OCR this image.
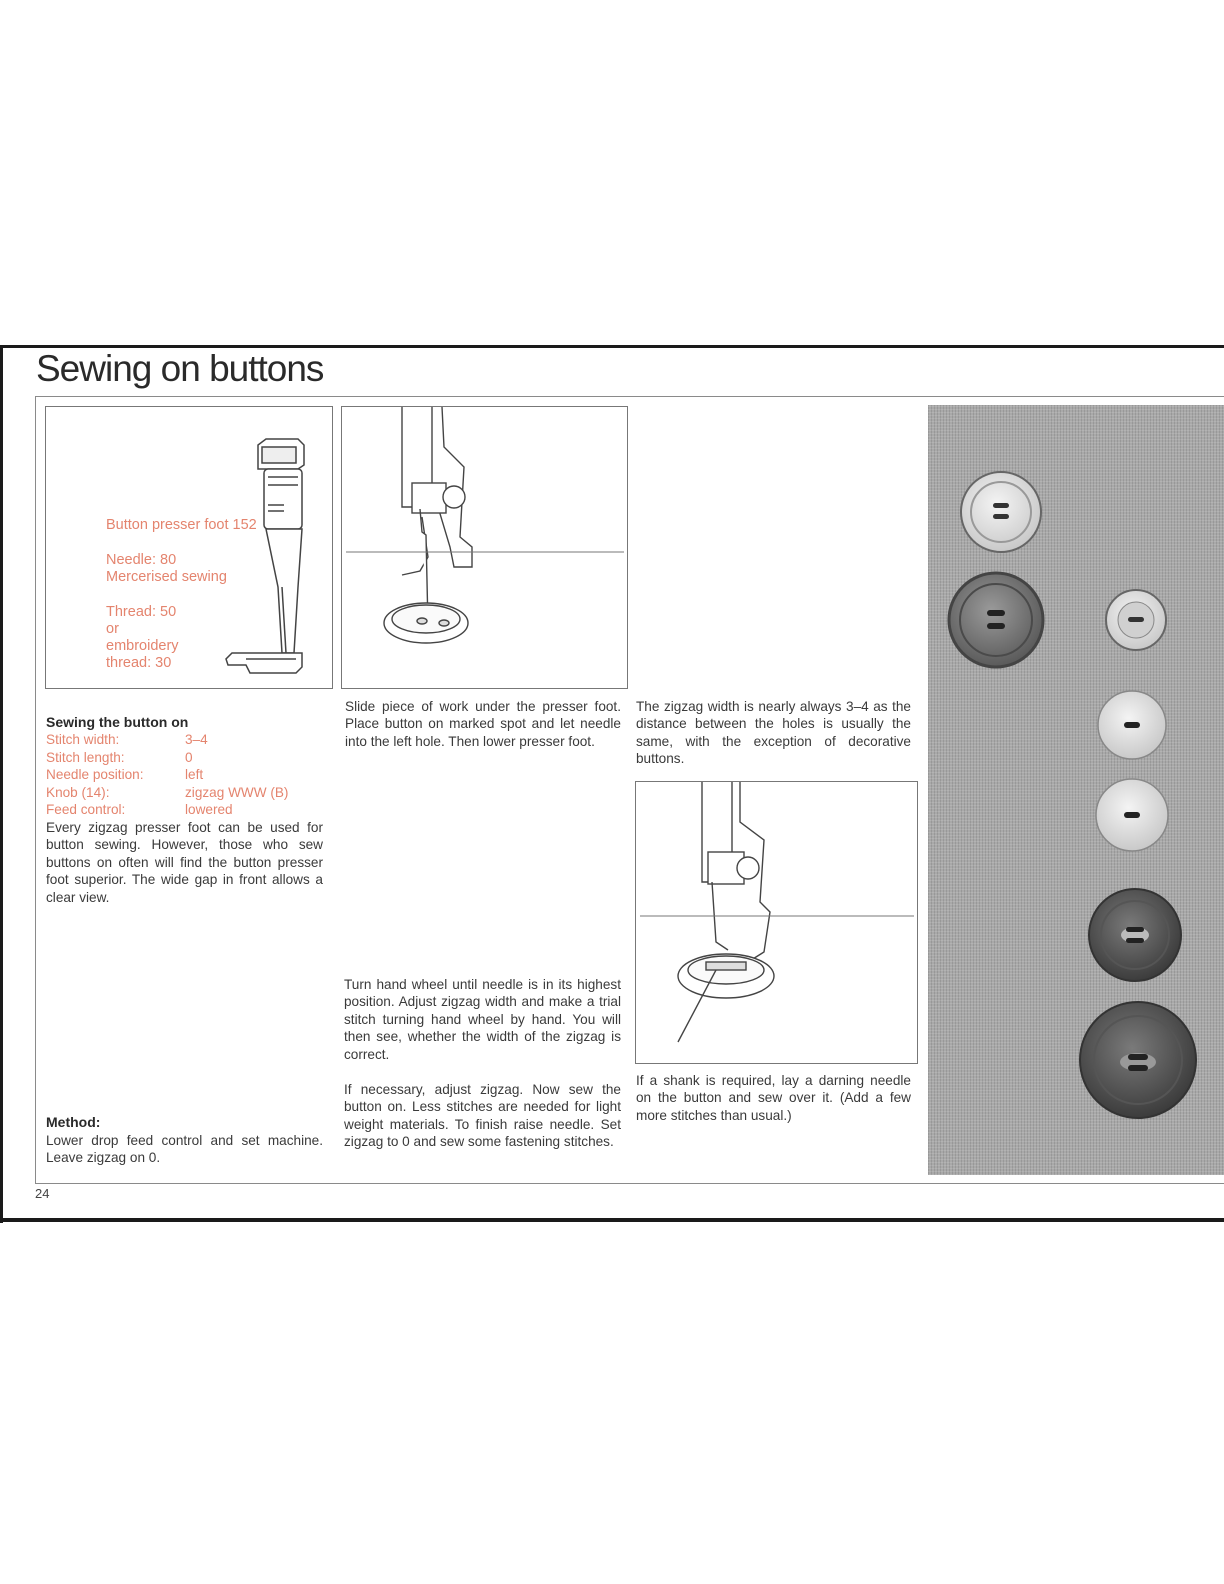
Sewing on buttons
24
Button presser foot 152
Needle: 80
Mercerised sewing
Thread: 50
or
embroidery
thread: 30
Sewing the button on
Stitch width:	3–4
Stitch length:	0
Needle position:	left
Knob (14):	zigzag WWW (B)
Feed control:	lowered
Every zigzag presser foot can be used for button sewing. However, those who sew buttons on often will find the button presser foot superior. The wide gap in front allows a clear view.
Method:
Lower drop feed control and set machine. Leave zigzag on 0.
Slide piece of work under the presser foot. Place button on marked spot and let needle into the left hole. Then lower presser foot.
Turn hand wheel until needle is in its highest position. Adjust zigzag width and make a trial stitch turning hand wheel by hand. You will then see, whether the width of the zigzag is correct.
If necessary, adjust zigzag. Now sew the button on. Less stitches are needed for light weight materials. To finish raise needle. Set zigzag to 0 and sew some fastening stitches.
The zigzag width is nearly always 3–4 as the distance between the holes is usually the same, with the exception of decorative buttons.
If a shank is required, lay a darning needle on the button and sew over it. (Add a few more stitches than usual.)
